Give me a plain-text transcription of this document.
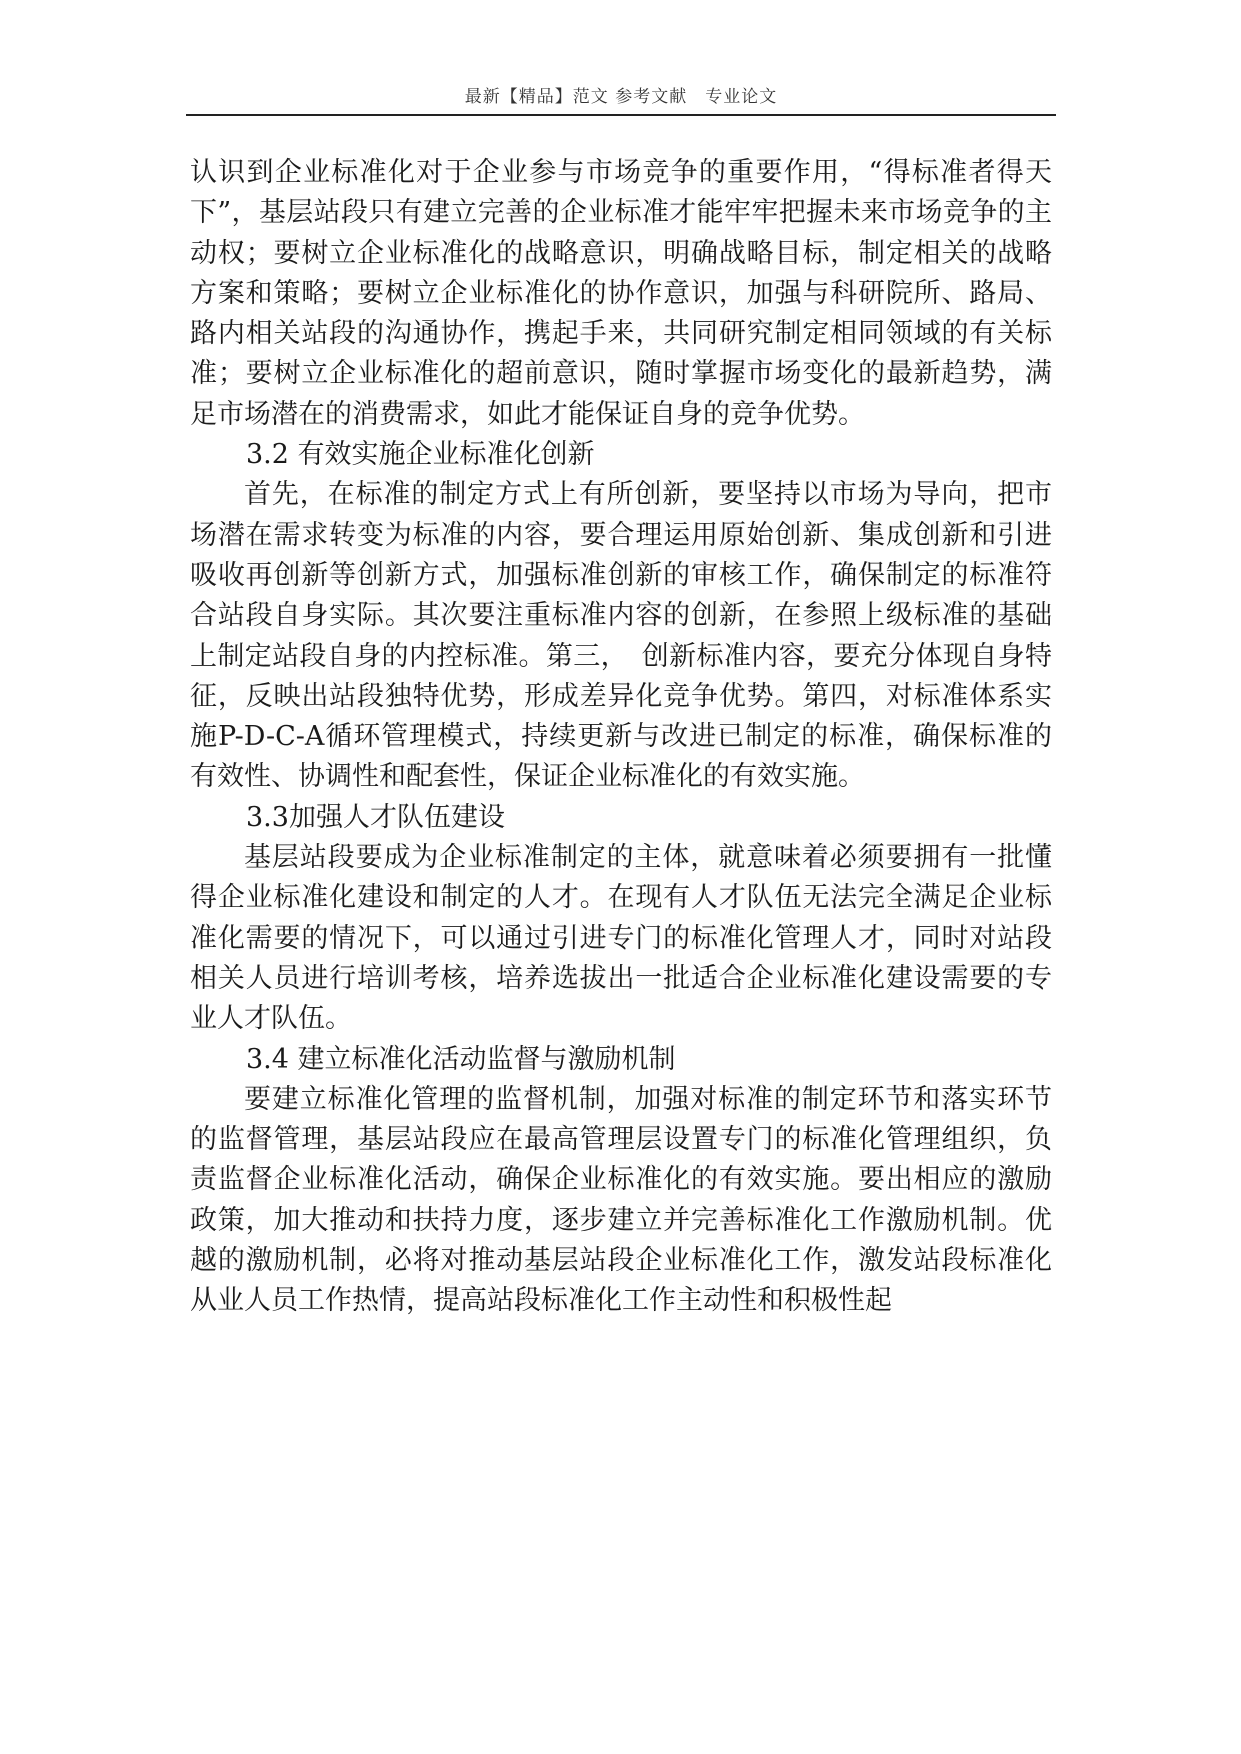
最新【精品】范文 参考文献　专业论文

认识到企业标准化对于企业参与市场竞争的重要作用，“得标准者得天下”，基层站段只有建立完善的企业标准才能牢牢把握未来市场竞争的主动权；要树立企业标准化的战略意识，明确战略目标，制定相关的战略方案和策略；要树立企业标准化的协作意识，加强与科研院所、路局、路内相关站段的沟通协作，携起手来，共同研究制定相同领域的有关标准；要树立企业标准化的超前意识，随时掌握市场变化的最新趋势，满足市场潜在的消费需求，如此才能保证自身的竞争优势。

3.2 有效实施企业标准化创新

首先，在标准的制定方式上有所创新，要坚持以市场为导向，把市场潜在需求转变为标准的内容，要合理运用原始创新、集成创新和引进吸收再创新等创新方式，加强标准创新的审核工作，确保制定的标准符合站段自身实际。其次要注重标准内容的创新，在参照上级标准的基础上制定站段自身的内控标准。第三，　创新标准内容，要充分体现自身特征，反映出站段独特优势，形成差异化竞争优势。第四，对标准体系实施P-D-C-A循环管理模式，持续更新与改进已制定的标准，确保标准的有效性、协调性和配套性，保证企业标准化的有效实施。

3.3加强人才队伍建设

基层站段要成为企业标准制定的主体，就意味着必须要拥有一批懂得企业标准化建设和制定的人才。在现有人才队伍无法完全满足企业标准化需要的情况下，可以通过引进专门的标准化管理人才，同时对站段相关人员进行培训考核，培养选拔出一批适合企业标准化建设需要的专业人才队伍。

3.4 建立标准化活动监督与激励机制

要建立标准化管理的监督机制，加强对标准的制定环节和落实环节的监督管理，基层站段应在最高管理层设置专门的标准化管理组织，负责监督企业标准化活动，确保企业标准化的有效实施。要出相应的激励政策，加大推动和扶持力度，逐步建立并完善标准化工作激励机制。优越的激励机制，必将对推动基层站段企业标准化工作，激发站段标准化从业人员工作热情，提高站段标准化工作主动性和积极性起
